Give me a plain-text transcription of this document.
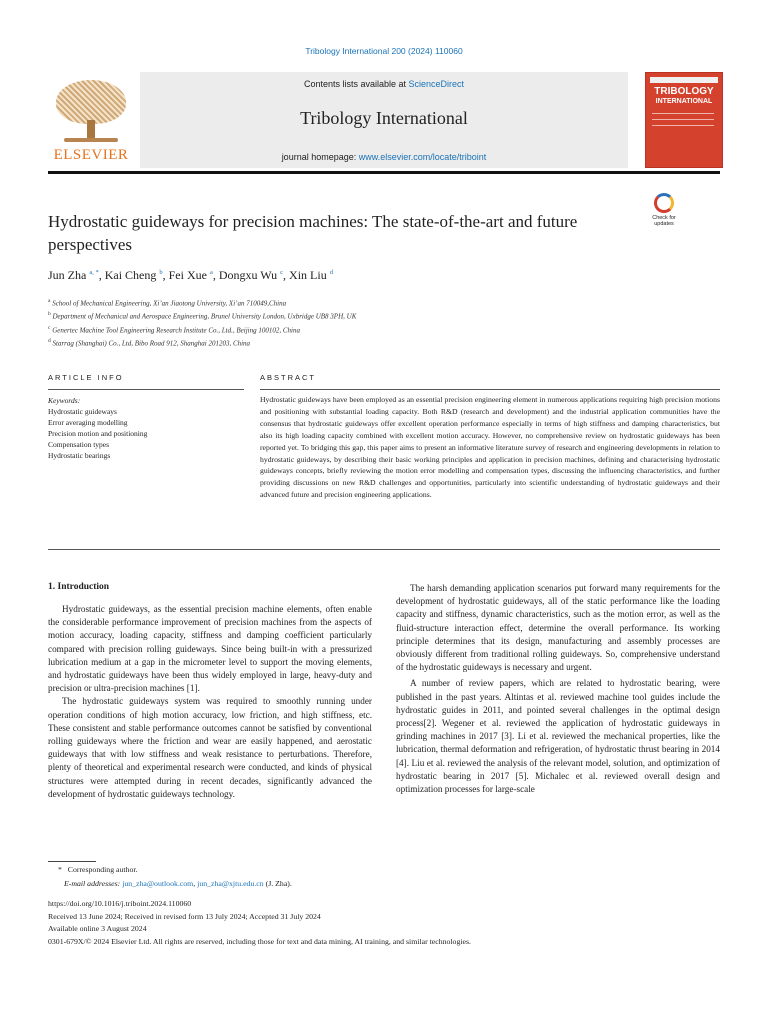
Tribology International 200 (2024) 110060
ELSEVIER
Contents lists available at ScienceDirect
Tribology International
journal homepage: www.elsevier.com/locate/triboint
TRIBOLOGY
INTERNATIONAL
Hydrostatic guideways for precision machines: The state-of-the-art and future perspectives
Check for
updates
Jun Zha $^{a, *}$, Kai Cheng $^b$, Fei Xue $^a$, Dongxu Wu $^c$, Xin Liu $^d$
$^a$ School of Mechanical Engineering, Xi’an Jiaotong University, Xi’an 710049,China
$^b$ Department of Mechanical and Aerospace Engineering, Brunel University London, Uxbridge UB8 3PH, UK
$^c$ Genertec Machine Tool Engineering Research Institute Co., Ltd., Beijing 100102, China
$^d$ Starrag (Shanghai) Co., Ltd, Bibo Road 912, Shanghai 201203, China
ARTICLE INFO	ABSTRACT
Keywords:
Hydrostatic guideways
Error averaging modelling
Precision motion and positioning
Compensation types
Hydrostatic bearings
Hydrostatic guideways have been employed as an essential precision engineering element in numerous applications requiring high precision motions and positioning with substantial loading capacity. Both R&D (research and development) and the industrial application communities have the consensus that hydrostatic guideways offer excellent operation performance especially in terms of high stiffness and damping characteristics, but also its high loading capacity combined with excellent motion accuracy. However, no comprehensive review on hydrostatic guideways has been reported yet. To bridging this gap, this paper aims to present an informative literature survey of research and engineering developments in relation to hydrostatic guideways, by describing their basic working principles and application in precision machines, defining and characterising hydrostatic guideways concepts, briefly reviewing the motion error modelling and compensation types, discussing the influencing characteristics, and further providing discussions on new R&D challenges and opportunities, particularly into scientific understanding of hydrostatic guideways and their advanced future and precision engineering applications.
1. Introduction

Hydrostatic guideways, as the essential precision machine elements, often enable the considerable performance improvement of precision machines from the aspects of motion accuracy, loading capacity, stiffness and damping coefficient particularly compared with precision rolling guideways. Since being built-in with a pressurized lubrication medium at a gap in the micrometer level to support the moving elements, and hydrostatic guideways have been thus widely employed in large, heavy-duty and precision or ultra-precision machines [1].

The hydrostatic guideways system was required to smoothly running under operation conditions of high motion accuracy, low friction, and high stiffness, etc. These consistent and stable performance outcomes cannot be satisfied by conventional rolling guideways where the friction and wear are easily happened, and aerostatic guideways that with low stiffness and weak resistance to perturbations. Therefore, plenty of theoretical and experimental research were conducted, and kinds of physical structures were attempted during in recent decades, significantly advanced the development of hydrostatic guideways technology.

The harsh demanding application scenarios put forward many requirements for the development of hydrostatic guideways, all of the static performance like the loading capacity and stiffness, dynamic characteristics, such as the motion error, as well as the fluid-structure interaction effect, determine the overall performance. Its working principle determines that its design, manufacturing and assembly processes are obviously different from traditional rolling guideways. So, comprehensive understand of the hydrostatic guideways is necessary and urgent.

A number of review papers, which are related to hydrostatic bearing, were published in the past years. Altintas et al. reviewed machine tool guides include the hydrostatic guides in 2011, and pointed several challenges in the optimal design process[2]. Wegener et al. reviewed the application of hydrostatic guideways in grinding machines in 2017 [3]. Li et al. reviewed the mechanical properties, like the lubrication, thermal deformation and refrigeration, of hydrostatic thrust bearing in 2014 [4]. Liu et al. reviewed the analysis of the relevant model, solution, and optimization of hydrostatic bearing in 2017 [5]. Michalec et al. reviewed overall design and optimization processes for large-scale

*   Corresponding author.
E-mail addresses: jun_zha@outlook.com, jun_zha@xjtu.edu.cn (J. Zha).
https://doi.org/10.1016/j.triboint.2024.110060
Received 13 June 2024; Received in revised form 13 July 2024; Accepted 31 July 2024
Available online 3 August 2024
0301-679X/© 2024 Elsevier Ltd. All rights are reserved, including those for text and data mining, AI training, and similar technologies.
